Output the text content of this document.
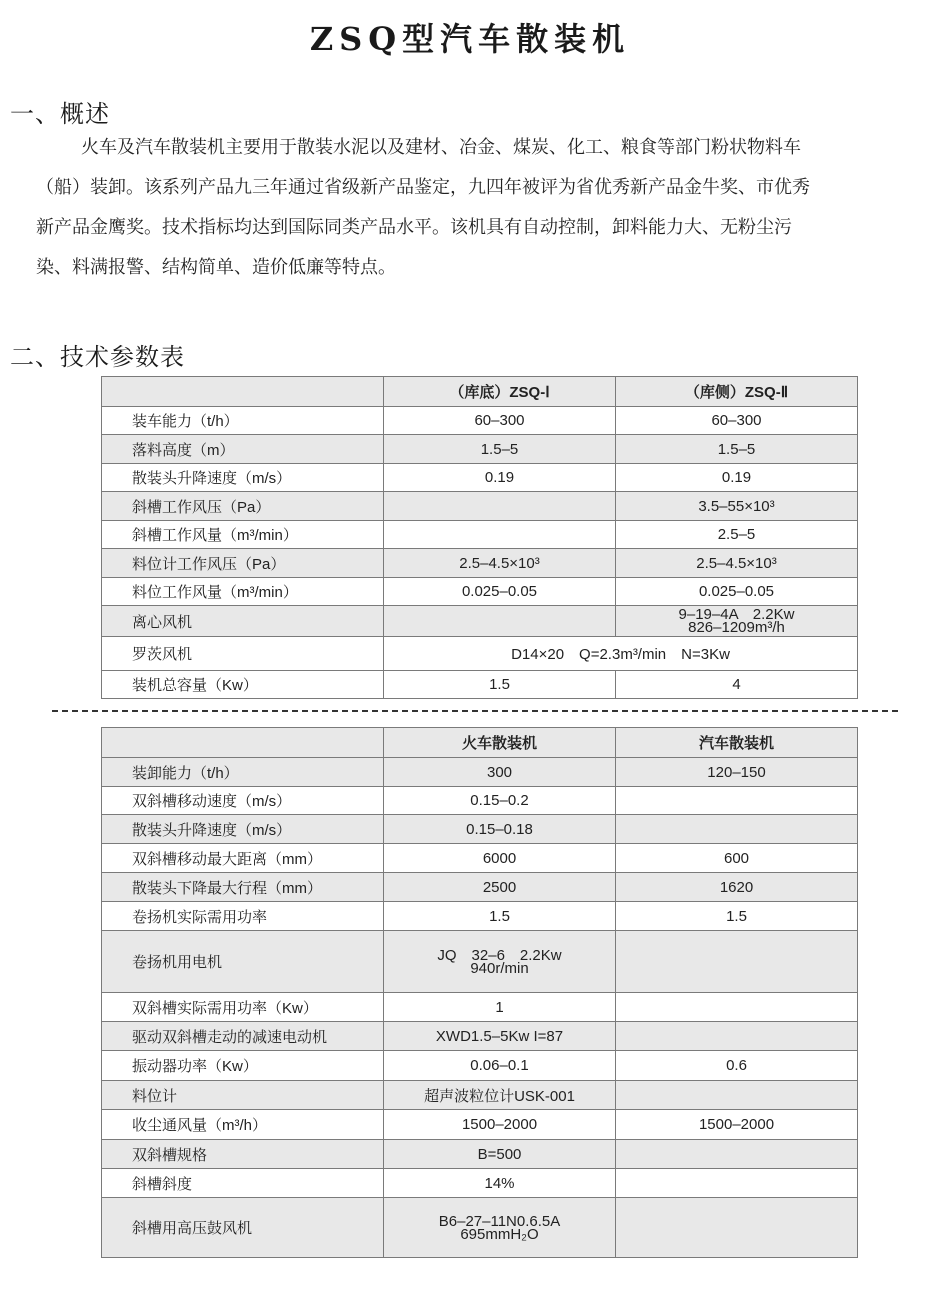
ZSQ型汽车散装机
一、概述
火车及汽车散装机主要用于散装水泥以及建材、冶金、煤炭、化工、粮食等部门粉状物料车
（船）装卸。该系列产品九三年通过省级新产品鉴定，九四年被评为省优秀新产品金牛奖、市优秀
新产品金鹰奖。技术指标均达到国际同类产品水平。该机具有自动控制，卸料能力大、无粉尘污
染、料满报警、结构简单、造价低廉等特点。
二、技术参数表
	（库底）ZSQ-Ⅰ	（库侧）ZSQ-Ⅱ
装车能力（t/h）	60–300	60–300
落料高度（m）	1.5–5	1.5–5
散装头升降速度（m/s）	0.19	0.19
斜槽工作风压（Pa）		3.5–55×10³
斜槽工作风量（m³/min）		2.5–5
料位计工作风压（Pa）	2.5–4.5×10³	2.5–4.5×10³
料位工作风量（m³/min）	0.025–0.05	0.025–0.05
离心风机		9–19–4A　2.2Kw
826–1209m³/h
罗茨风机	D14×20　Q=2.3m³/min　N=3Kw	
装机总容量（Kw）	1.5	4
	火车散装机	汽车散装机
装卸能力（t/h）	300	120–150
双斜槽移动速度（m/s）	0.15–0.2	
散装头升降速度（m/s）	0.15–0.18	
双斜槽移动最大距离（mm）	6000	600
散装头下降最大行程（mm）	2500	1620
卷扬机实际需用功率	1.5	1.5
卷扬机用电机	JQ　32–6　2.2Kw
940r/min	
双斜槽实际需用功率（Kw）	1	
驱动双斜槽走动的减速电动机	XWD1.5–5Kw I=87	
振动器功率（Kw）	0.06–0.1	0.6
料位计	超声波粒位计USK-001	
收尘通风量（m³/h）	1500–2000	1500–2000
双斜槽规格	B=500	
斜槽斜度	14%	
斜槽用高压鼓风机	B6–27–11N0.6.5A
695mmH₂O	
